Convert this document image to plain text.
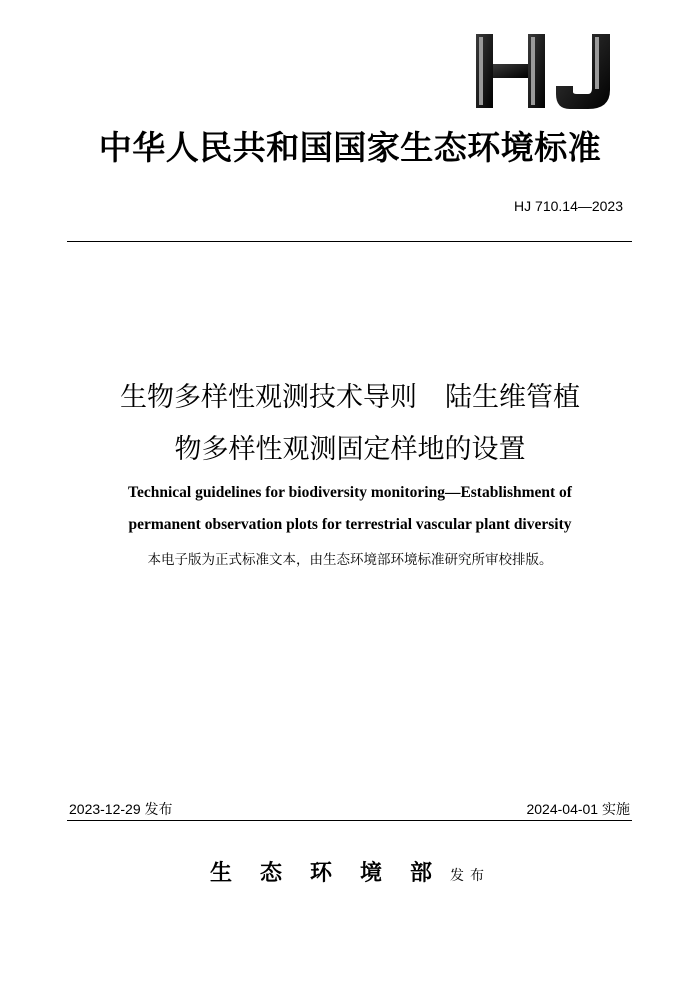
中华人民共和国国家生态环境标准
HJ 710.14—2023
生物多样性观测技术导则 陆生维管植
物多样性观测固定样地的设置
Technical guidelines for biodiversity monitoring―Establishment of
permanent observation plots for terrestrial vascular plant diversity
本电子版为正式标准文本，由生态环境部环境标准研究所审校排版。
2023-12-29 发布	2024-04-01 实施
生态环境部发布
